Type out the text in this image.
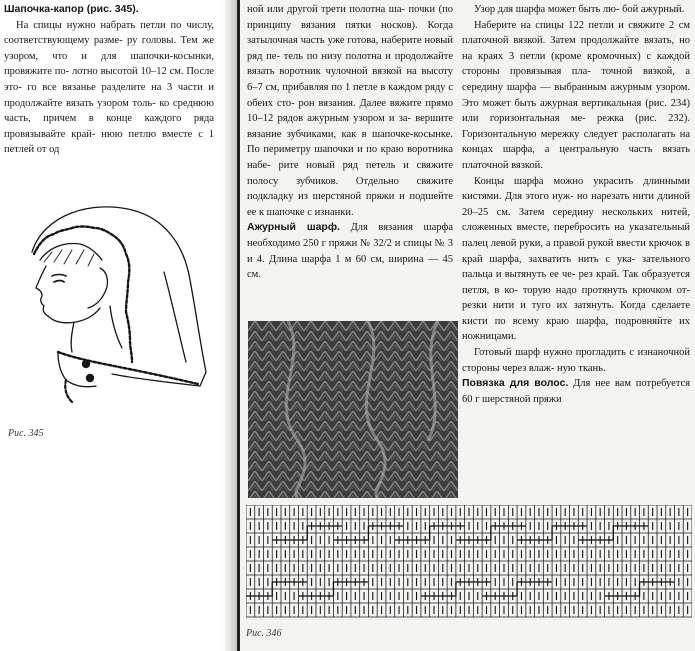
Шапочка-капор (рис. 345).

На спицы нужно набрать петли по числу, соответствующему разме- ру головы. Тем же узором, что и для шапочки-косынки, провяжите по- лотно высотой 10–12 см. После это- го все вязанье разделите на 3 части и продолжайте вязать узором толь- ко среднюю часть, причем в конце каждого ряда провязывайте край- нюю петлю вместе с 1 петлей от од

Рис. 345

ной или другой трети полотна ша- почки (по принципу вязания пятки носков). Когда затылочная часть уже готова, наберите новый ряд пе- тель по низу полотна и продолжайте вязать воротник чулочной вязкой на высоту 6–7 см, прибавляя по 1 петле в каждом ряду с обеих сто- рон вязания. Далее вяжите прямо 10–12 рядов ажурным узором и за- вершите вязание зубчиками, как в шапочке-косынке. По периметру шапочки и по краю воротника набе- рите новый ряд петель и свяжите полосу зубчиков. Отдельно свяжите подкладку из шерстяной пряжи и подшейте ее к шапочке с изнанки.

Ажурный шарф. Для вязания шарфа необходимо 250 г пряжи № 32/2 и спицы № 3 и 4. Длина шарфа 1 м 60 см, ширина — 45 см.

Рис. 346

Узор для шарфа может быть лю- бой ажурный.

Наберите на спицы 122 петли и свяжите 2 см платочной вязкой. Затем продолжайте вязать, но на краях 3 петли (кроме кромочных) с каждой стороны провязывая пла- точной вязкой, а середину шарфа — выбранным ажурным узором. Это может быть ажурная вертикальная (рис. 234) или горизонтальная ме- режка (рис. 232). Горизонтальную мережку следует располагать на концах шарфа, а центральную часть вязать платочной вязкой.

Концы шарфа можно украсить длинными кистями. Для этого нуж- но нарезать нити длиной 20–25 см. Затем середину нескольких нитей, сложенных вместе, перебросить на указательный палец левой руки, а правой рукой ввести крючок в край шарфа, захватить нить с ука- зательного пальца и вытянуть ее че- рез край. Так образуется петля, в ко- торую надо протянуть крючком от- резки нити и туго их затянуть. Когда сделаете кисти по всему краю шарфа, подровняйте их ножницами.

Готовый шарф нужно прогладить с изнаночной стороны через влаж- ную ткань.

Повязка для волос. Для нее вам потребуется 60 г шерстяной пряжи
